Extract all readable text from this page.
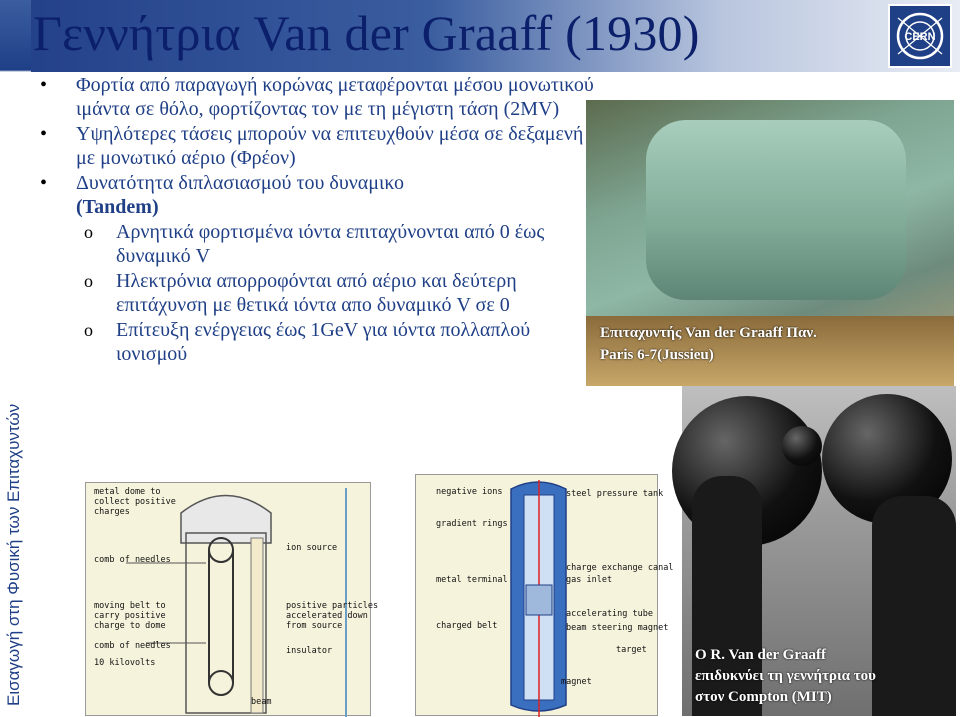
Εισαγωγή στη Φυσική των Επιταχυντών
Γεννήτρια Van der Graaff (1930)	CERN
• Φορτία από παραγωγή κορώνας μεταφέρονται μέσου μονωτικού ιμάντα σε θόλο, φορτίζοντας τον με τη μέγιστη τάση (2MV)
• Υψηλότερες τάσεις μπορούν να επιτευχθούν μέσα σε δεξαμενή με μονωτικό αέριο (Φρέον)
• Δυνατότητα διπλασιασμού του δυναμικο
(Tandem)
o Αρνητικά φορτισμένα ιόντα επιταχύνονται από 0 έως δυναμικό V
o Ηλεκτρόνια απορροφόνται από αέριο και δεύτερη επιτάχυνση με θετικά ιόντα απο δυναμικό V σε 0
o Επίτευξη ενέργειας έως 1GeV για ιόντα πολλαπλού ιονισμού
Επιταχυντής Van der Graaff Παν.
Paris 6-7(Jussieu)
O R. Van der Graaff
επιδυκνύει τη γεννήτρια του
στον Compton (MIT)
metal dome to
collect positive
charges
comb of needles
moving belt to
carry positive
charge to dome
comb of needles
10 kilovolts
ion source
positive particles
accelerated down
from source
insulator
beam
negative ions	steel pressure tank
gradient rings
charge exchange canal
gas inlet
metal terminal
accelerating tube
charged belt	beam steering magnet
target
magnet
